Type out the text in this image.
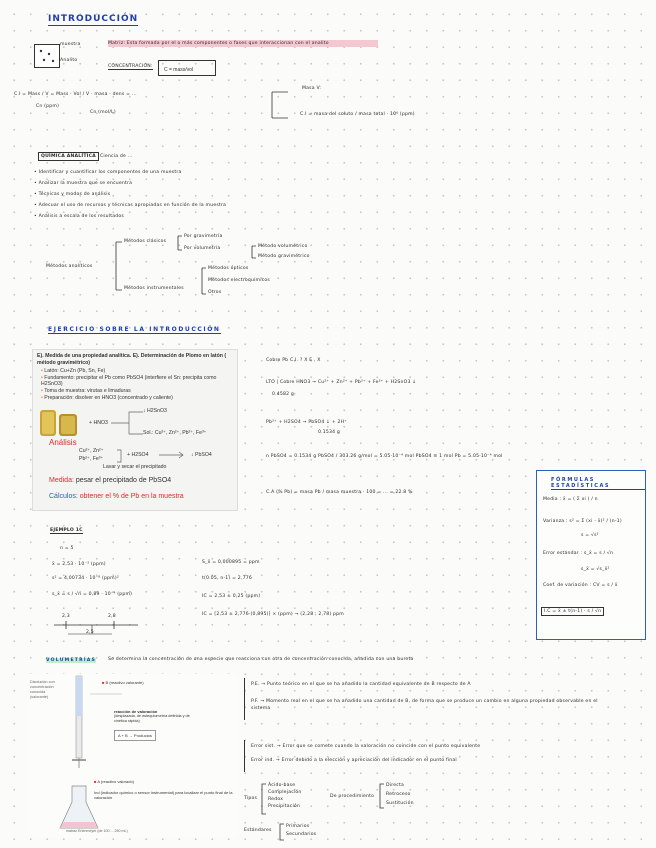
INTRODUCCIÓN
muestra
Analito
Matriz: Esta formada por el o más componentes o fases que interaccionan con el analito
CONCENTRACIÓN:
C = mass/vol
C.I = Mass / V = Mass · Vol / V · masa · dens = ...
Cn (ppm)
Cn (mol/L)
Masa V:
C.I = masa del soluto / masa total · 10⁶ (ppm)
QUÍMICA ANALÍTICA Ciencia de ...
• Identificar y cuantificar los componentes de una muestra
• Analizar la muestra que se encuentra
• Técnicas y modos de análisis
• Adecuar el uso de recursos y técnicas apropiadas en función de la muestra
• Análisis a escala de los resultados
Métodos analíticos
Métodos clásicos
Métodos instrumentales
Por gravimetría
Por volumetría	Método volumétrico
Método gravimétrico
Métodos ópticos
Métodos electroquímicos
Otros
EJERCICIO SOBRE LA INTRODUCCIÓN
E). Medida de una propiedad analítica. E). Determinación de Plomo en latón ( método gravimétrico)
• Latón: Cu+Zn (Pb, Sn, Fe)
• Fundamento: precipitar el Pb como PbSO4 (interfiere el Sn: precipita como H2SnO3)
• Toma de muestra: virutas e limaduras
• Preparación: disolver en HNO3 (concentrado y caliente)
+ HNO3
↓ H2SnO3
Sol.: Cu²⁺, Zn²⁺, Pb²⁺, Fe³⁺
Análisis
Cu²⁺, Zn²⁺
Pb²⁺, Fe³⁺
+ H2SO4	↓ PbSO4
Lavar y secar el precipitado
Medida: pesar el precipitado de PbSO4
Cálculos: obtener el % de Pb en la muestra
Cobre Pb C.I. ? X E , X
LTO | Cobre HNO3 → Cu²⁺ + Zn²⁺ + Pb²⁺ + Fe³⁺ + H2SnO3 ↓
0.4582 g
Pb²⁺ + H2SO4 → PbSO4 ↓ + 2H⁺
0.1534 g
n PbSO4 = 0.1534 g PbSO4 / 303.26 g/mol = 5.05·10⁻⁴ mol PbSO4 ≡ 1 mol Pb = 5.05·10⁻⁴ mol
C.A (% Pb) = masa Pb / masa muestra · 100 = ... = 22.8 %
FÓRMULAS ESTADÍSTICAS
Media : x̄ = ( Σ xi ) / n
Varianza : s² = Σ (xi - x̄)² / (n-1)
s = √s²
Error estándar : s_x̄ = s / √n
s_x̄ = √s_x̄²
Coef. de variación : CV = s / x̄
I.C = x̄ ± t(n-1) · s / √n
EJEMPLO 1C
n = 5
x̄ = 2,53 · 10⁻³ (ppm)
s² = 4,00734 · 10⁻⁸ (ppm)²
s_x̄ = s / √n = 0,89 · 10⁻⁴ (ppm)
S_x̄ = 0,000895 = ppm
t(0.05, n-1) = 2,776
IC = 2,53 ± 0,25 (ppm)
IC = [2,53 ± 2,776·(0,895)] × (ppm) → (2,28 ; 2,78) ppm
2,3	2,8
2,5
VOLUMETRÍAS	Se determina la concentración de una especie que reacciona con otra de concentración conocida, añadida con una bureta
Disolución con concentración conocida (valorante)
■ B (reactivo valorante)
reacción de valoración
(desplazada, de estequiometría definida y de cinética rápida)
A + B → Productos
■ A (reactivo valorado)
Ind (indicador químico o sensor instrumental) para localizar el punto final de la valoración
matraz Erlenmeyer (de 100 ... 250 mL)
P.E. → Punto teórico en el que se ha añadido la cantidad equivalente de B respecto de A
P.F. → Momento real en el que se ha añadido una cantidad de B, de forma que se produce un cambio en alguna propiedad observable en el sistema
Error sist. → Error que se comete cuando la valoración no coincide con el punto equivalente
Error ind. → Error debido a la elección y apreciación del indicador en el punto final
Tipos
Ácido-base
Complejación
Redox
Precipitación
De procedimiento
Directa
Retroceso
Sustitución
Estándares
Primarios
Secundarios
